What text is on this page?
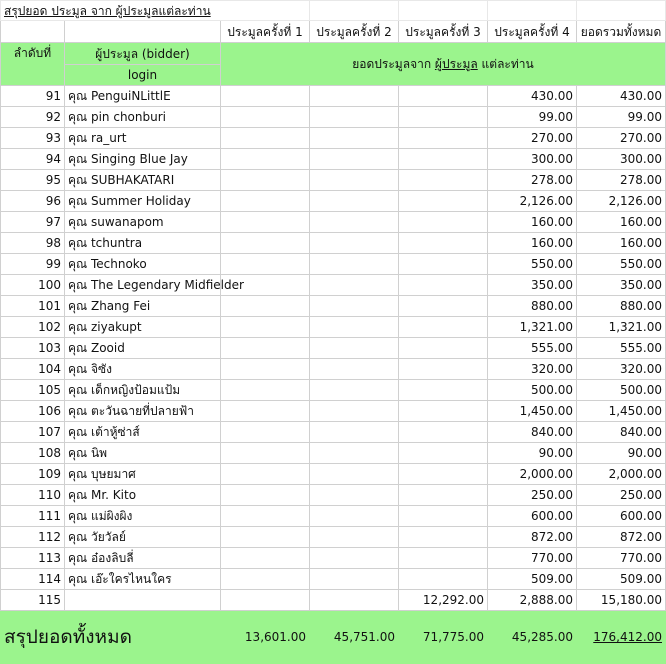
สรุปยอด ประมูล จาก ผู้ประมูลแต่ละท่าน						
		ประมูลครั้งที่ 1	ประมูลครั้งที่ 2	ประมูลครั้งที่ 3	ประมูลครั้งที่ 4	ยอดรวมทั้งหมด
ลำดับที่	ผู้ประมูล (bidder)	ยอดประมูลจาก ผู้ประมูล แต่ละท่าน				
	login					
91	คุณ PenguiNLittlE				430.00	430.00
92	คุณ pin chonburi				99.00	99.00
93	คุณ ra_urt				270.00	270.00
94	คุณ Singing Blue Jay				300.00	300.00
95	คุณ SUBHAKATARI				278.00	278.00
96	คุณ Summer Holiday				2,126.00	2,126.00
97	คุณ suwanapom				160.00	160.00
98	คุณ tchuntra				160.00	160.00
99	คุณ Technoko				550.00	550.00
100	คุณ The Legendary Midfielder				350.00	350.00
101	คุณ Zhang Fei				880.00	880.00
102	คุณ ziyakupt				1,321.00	1,321.00
103	คุณ Zooid				555.00	555.00
104	คุณ จิซัง				320.00	320.00
105	คุณ เด็กหญิงป้อมแป้ม				500.00	500.00
106	คุณ ตะวันฉายที่ปลายฟ้า				1,450.00	1,450.00
107	คุณ เต้าหู้ซ่าส์				840.00	840.00
108	คุณ นิพ				90.00	90.00
109	คุณ บุษยมาศ				2,000.00	2,000.00
110	คุณ Mr. Kito				250.00	250.00
111	คุณ แม่ผิงผิง				600.00	600.00
112	คุณ วัยวัลย์				872.00	872.00
113	คุณ อ๋องลิบลี่				770.00	770.00
114	คุณ เอ๊ะใครไหนใคร				509.00	509.00
115				12,292.00	2,888.00	15,180.00
สรุปยอดทั้งหมด		13,601.00	45,751.00	71,775.00	45,285.00	176,412.00
